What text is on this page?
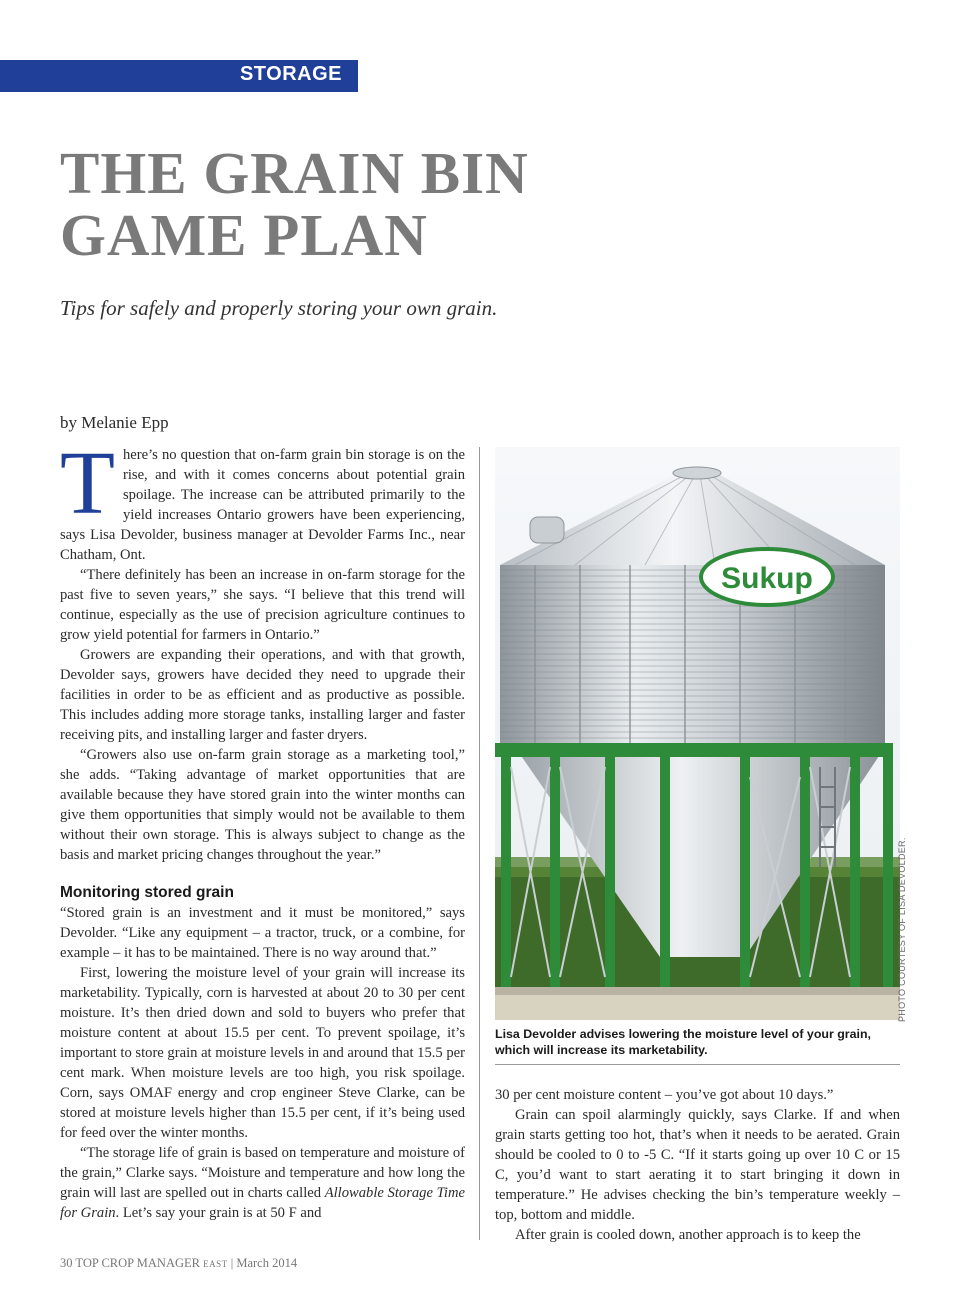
STORAGE
THE GRAIN BIN
GAME PLAN
Tips for safely and properly storing your own grain.
by Melanie Epp

There’s no question that on-farm grain bin storage is on the rise, and with it comes concerns about potential grain spoilage. The increase can be attributed primarily to the yield increases Ontario growers have been experiencing, says Lisa Devolder, business manager at Devolder Farms Inc., near Chatham, Ont.

“There definitely has been an increase in on-farm storage for the past five to seven years,” she says. “I believe that this trend will continue, especially as the use of precision agriculture continues to grow yield potential for farmers in Ontario.”

Growers are expanding their operations, and with that growth, Devolder says, growers have decided they need to upgrade their facilities in order to be as efficient and as productive as possible. This includes adding more storage tanks, installing larger and faster receiving pits, and installing larger and faster dryers.

“Growers also use on-farm grain storage as a marketing tool,” she adds. “Taking advantage of market opportunities that are available because they have stored grain into the winter months can give them opportunities that simply would not be available to them without their own storage. This is always subject to change as the basis and market pricing changes throughout the year.”

Monitoring stored grain

“Stored grain is an investment and it must be monitored,” says Devolder. “Like any equipment – a tractor, truck, or a combine, for example – it has to be maintained. There is no way around that.”

First, lowering the moisture level of your grain will increase its marketability. Typically, corn is harvested at about 20 to 30 per cent moisture. It’s then dried down and sold to buyers who prefer that moisture content at about 15.5 per cent. To prevent spoilage, it’s important to store grain at moisture levels in and around that 15.5 per cent mark. When moisture levels are too high, you risk spoilage. Corn, says OMAF energy and crop engineer Steve Clarke, can be stored at moisture levels higher than 15.5 per cent, if it’s being used for feed over the winter months.

“The storage life of grain is based on temperature and moisture of the grain,” Clarke says. “Moisture and temperature and how long the grain will last are spelled out in charts called Allowable Storage Time for Grain. Let’s say your grain is at 50 F and

Sukup
PHOTO COURTESY OF LISA DEVOLDER.
Lisa Devolder advises lowering the moisture level of your grain, which will increase its marketability.

30 per cent moisture content – you’ve got about 10 days.”

Grain can spoil alarmingly quickly, says Clarke. If and when grain starts getting too hot, that’s when it needs to be aerated. Grain should be cooled to 0 to -5 C. “If it starts going up over 10 C or 15 C, you’d want to start aerating it to start bringing it down in temperature.” He advises checking the bin’s temperature weekly – top, bottom and middle.

After grain is cooled down, another approach is to keep the

30 TOP CROP MANAGER EAST | March 2014
